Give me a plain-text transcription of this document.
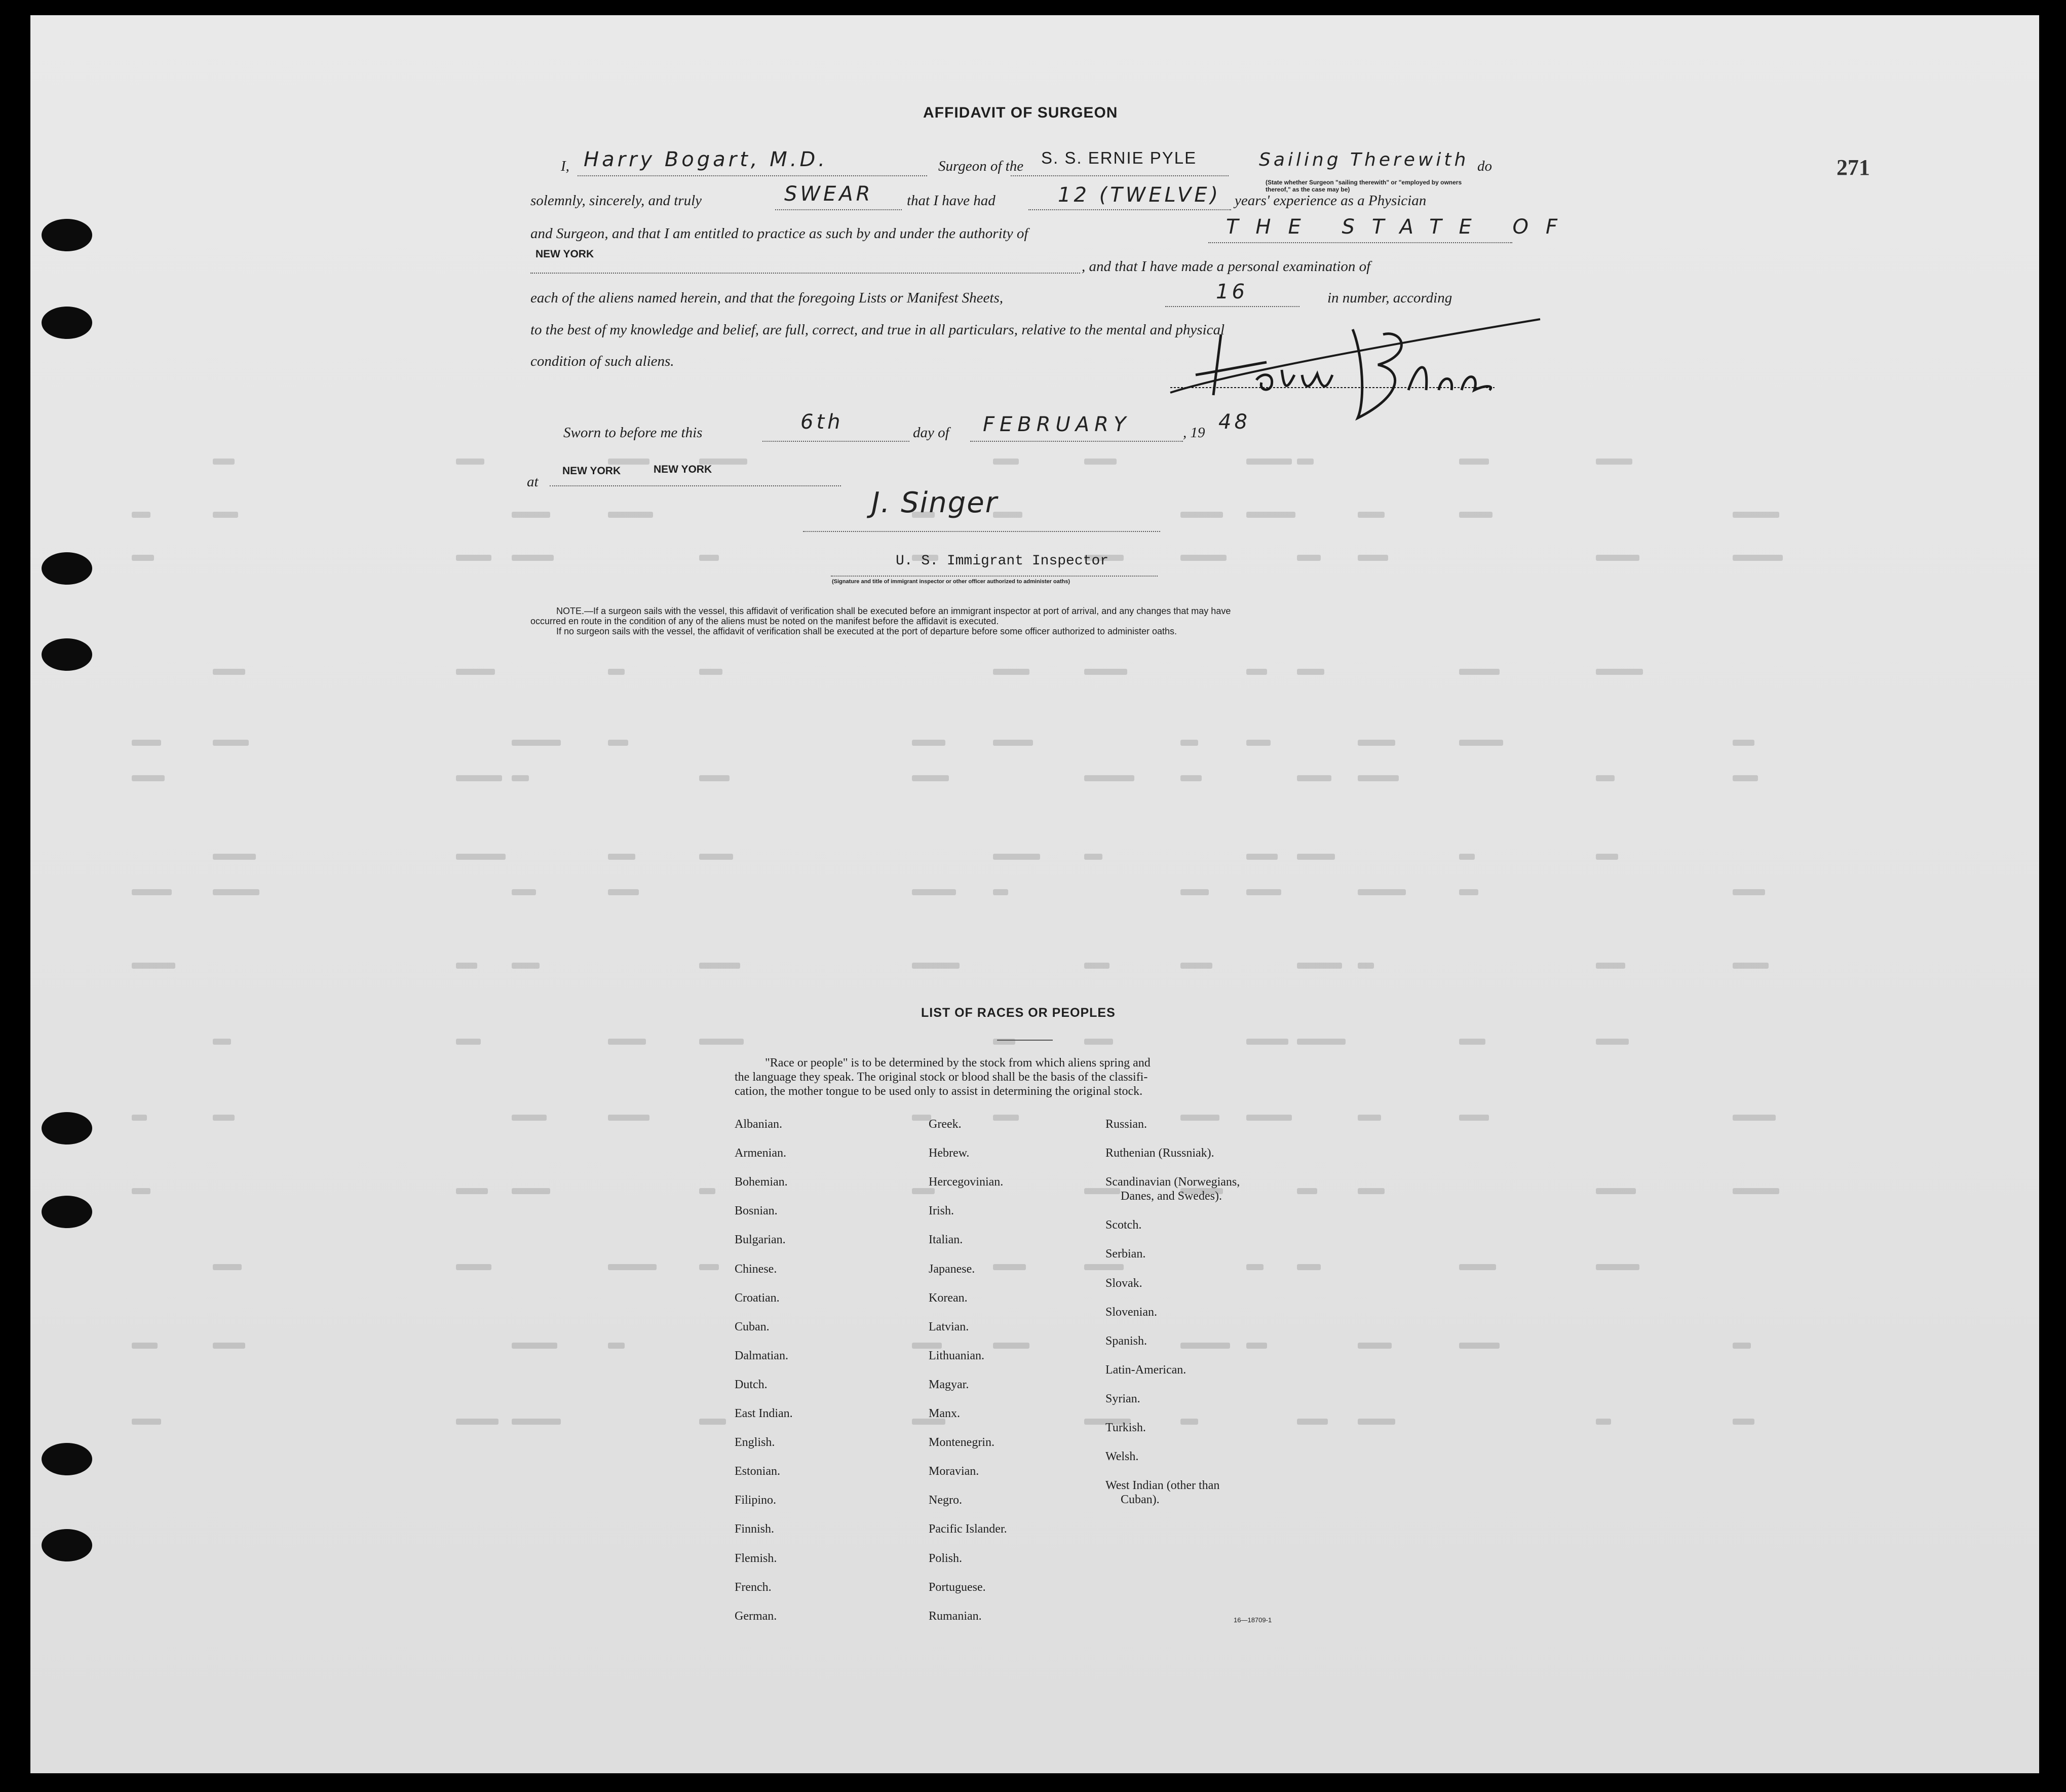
271
AFFIDAVIT OF SURGEON
I, Harry Bogart, M.D.	Surgeon of the S. S. ERNIE PYLE	Sailing Therewith do
(State whether Surgeon "sailing therewith" or "employed by owners thereof," as the case may be)
solemnly, sincerely, and truly	SWEAR that I have had	12 (TWELVE) years' experience as a Physician
and Surgeon, and that I am entitled to practice as such by and under the authority of	THE STATE OF
NEW YORK
, and that I have made a personal examination of
each of the aliens named herein, and that the foregoing Lists or Manifest Sheets,	16	in number, according
to the best of my knowledge and belief, are full, correct, and true in all particulars, relative to the mental and physical
condition of such aliens.
Sworn to before me this	6th	day of FEBRUARY	, 19 48
at
NEW YORK	NEW YORK
J. Singer
U. S. Immigrant Inspector
(Signature and title of immigrant inspector or other officer authorized to administer oaths)
NOTE.—If a surgeon sails with the vessel, this affidavit of verification shall be executed before an immigrant inspector at port of arrival, and any changes that may have
occurred en route in the condition of any of the aliens must be noted on the manifest before the affidavit is executed.
If no surgeon sails with the vessel, the affidavit of verification shall be executed at the port of departure before some officer authorized to administer oaths.
LIST OF RACES OR PEOPLES
"Race or people" is to be determined by the stock from which aliens spring and
the language they speak. The original stock or blood shall be the basis of the classifi-
cation, the mother tongue to be used only to assist in determining the original stock.
Albanian.
Armenian.
Bohemian.
Bosnian.
Bulgarian.
Chinese.
Croatian.
Cuban.
Dalmatian.
Dutch.
East Indian.
English.
Estonian.
Filipino.
Finnish.
Flemish.
French.
German.
Greek.
Hebrew.
Hercegovinian.
Irish.
Italian.
Japanese.
Korean.
Latvian.
Lithuanian.
Magyar.
Manx.
Montenegrin.
Moravian.
Negro.
Pacific Islander.
Polish.
Portuguese.
Rumanian.
Russian.
Ruthenian (Russniak).
Scandinavian (Norwegians,
Danes, and Swedes).
Scotch.
Serbian.
Slovak.
Slovenian.
Spanish.
Latin-American.
Syrian.
Turkish.
Welsh.
West Indian (other than
Cuban).
16—18709-1
